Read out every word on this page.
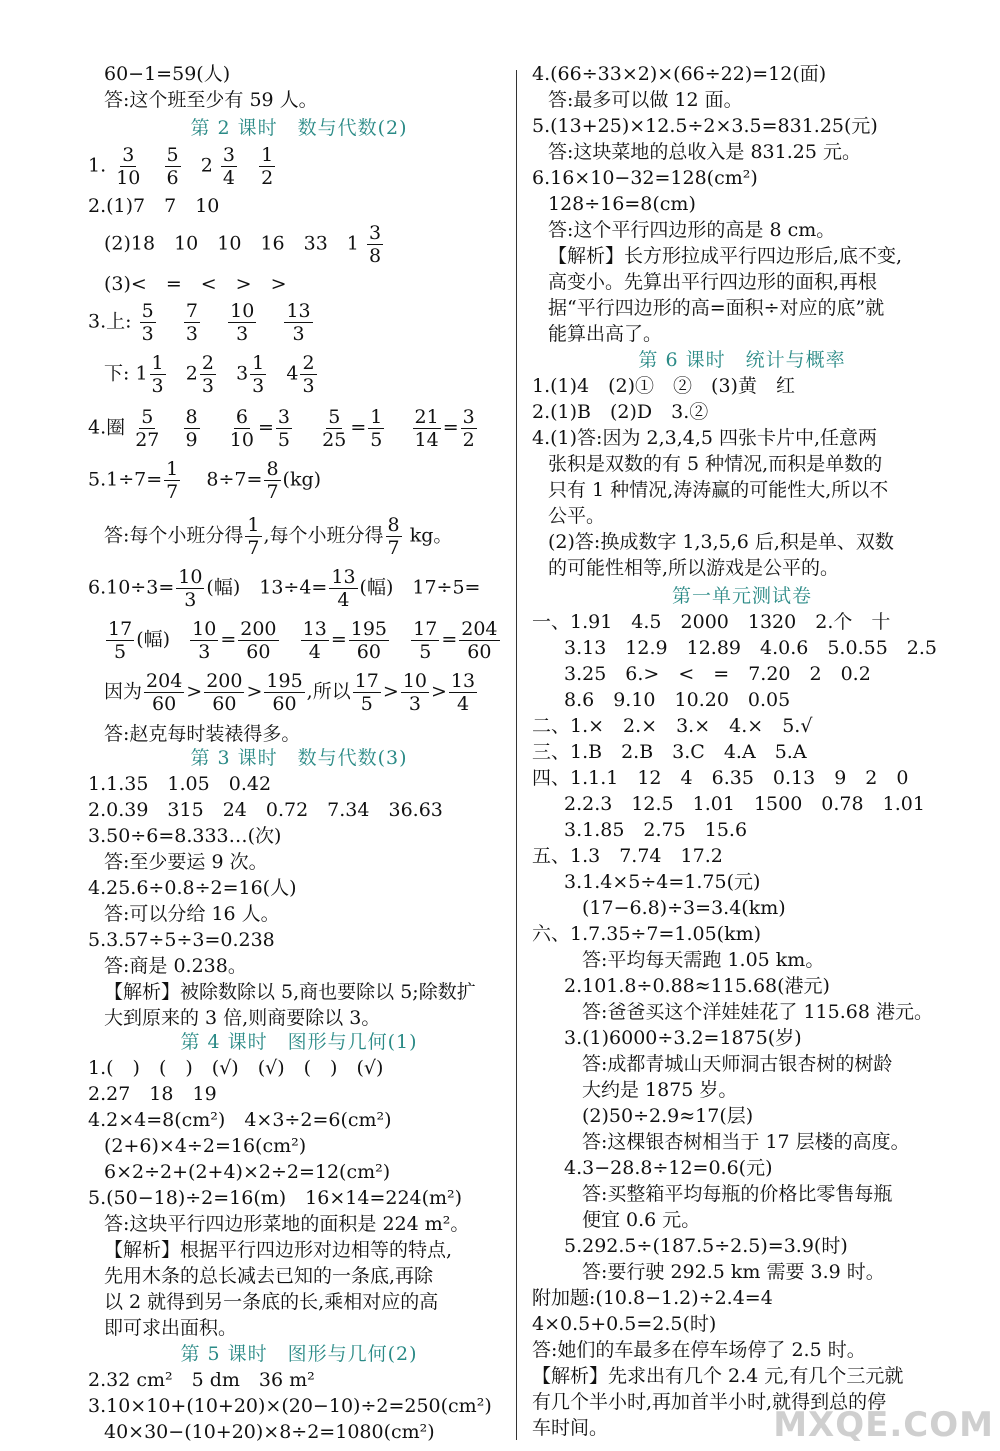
60−1=59(人)
答:这个班至少有 59 人。
第 2 课时　数与代数(2)
1. $\frac{3}{10}$
$\frac{5}{6} 2 \frac{3}{4}$
$\frac{1}{2}$
2.(1)7　7　10
(2)18　10　10　16　33　$1 \frac{3}{8}$
(3)<　=　<　>　>
3.上: $\frac{5}{3}$
$\frac{7}{3}$
$\frac{10}{3}$
$\frac{13}{3}$
下: $1 \frac{1}{3} 2 \frac{2}{3} 3 \frac{1}{3} 4 \frac{2}{3}$
4.圈 $\frac{5}{27}$
$\frac{8}{9}$
$\frac{6}{10} = \frac{3}{5}$
$\frac{5}{25} = \frac{1}{5}$
$\frac{21}{14} = \frac{3}{2}$
$5.1\div 7= \frac{1}{7} 8\div 7= \frac{8}{7} (kg)$
答:每个小班分得 $\frac{1}{7}$ ,每个小班分得 $\frac{8}{7}$ kg。
$6.10\div 3= \frac{10}{3}$ (幅)　$13\div 4= \frac{13}{4}$ (幅)　17÷5=
$\frac{17}{5}$ (幅) $\frac{10}{3} = \frac{200}{60}$
$\frac{13}{4} = \frac{195}{60}$
$\frac{17}{5} = \frac{204}{60}$
因为 $\frac{204}{60} > \frac{200}{60} > \frac{195}{60}$ ,所以 $\frac{17}{5} > \frac{10}{3} > \frac{13}{4}$
答:赵克每时装裱得多。
第 3 课时　数与代数(3)
1.1.35　1.05　0.42
2.0.39　315　24　0.72　7.34　36.63
3.50÷6=8.333…(次)
答:至少要运 9 次。
4.25.6÷0.8÷2=16(人)
答:可以分给 16 人。
5.3.57÷5÷3=0.238
答:商是 0.238。
【解析】被除数除以 5,商也要除以 5;除数扩
大到原来的 3 倍,则商要除以 3。
第 4 课时　图形与几何(1)
1.(　)　(　)　(√)　(√)　(　)　(√)
2.27　18　19
4.2×4=8(cm²)　4×3÷2=6(cm²)
(2+6)×4÷2=16(cm²)
6×2÷2+(2+4)×2÷2=12(cm²)
5.(50−18)÷2=16(m)　16×14=224(m²)
答:这块平行四边形菜地的面积是 224 m²。
【解析】根据平行四边形对边相等的特点,
先用木条的总长减去已知的一条底,再除
以 2 就得到另一条底的长,乘相对应的高
即可求出面积。
第 5 课时　图形与几何(2)
2.32 cm²　5 dm　36 m²
3.10×10+(10+20)×(20−10)÷2=250(cm²)
40×30−(10+20)×8÷2=1080(cm²)
4.(66÷33×2)×(66÷22)=12(面)
答:最多可以做 12 面。
5.(13+25)×12.5÷2×3.5=831.25(元)
答:这块菜地的总收入是 831.25 元。
6.16×10−32=128(cm²)
128÷16=8(cm)
答:这个平行四边形的高是 8 cm。
【解析】长方形拉成平行四边形后,底不变,
高变小。先算出平行四边形的面积,再根
据“平行四边形的高=面积÷对应的底”就
能算出高了。
第 6 课时　统计与概率
1.(1)4　(2)①　②　(3)黄　红
2.(1)B　(2)D　3.②
4.(1)答:因为 2,3,4,5 四张卡片中,任意两
张积是双数的有 5 种情况,而积是单数的
只有 1 种情况,涛涛赢的可能性大,所以不
公平。
(2)答:换成数字 1,3,5,6 后,积是单、双数
的可能性相等,所以游戏是公平的。
第一单元测试卷
一、1.91　4.5　2000　1320　2.个　十
3.13　12.9　12.89　4.0.6　5.0.55　2.5
3.25　6.>　<　=　7.20　2　0.2
8.6　9.10　10.20　0.05
二、1.×　2.×　3.×　4.×　5.√
三、1.B　2.B　3.C　4.A　5.A
四、1.1.1　12　4　6.35　0.13　9　2　0
2.2.3　12.5　1.01　1500　0.78　1.01
3.1.85　2.75　15.6
五、1.3　7.74　17.2
3.1.4×5÷4=1.75(元)
(17−6.8)÷3=3.4(km)
六、1.7.35÷7=1.05(km)
答:平均每天需跑 1.05 km。
2.101.8÷0.88≈115.68(港元)
答:爸爸买这个洋娃娃花了 115.68 港元。
3.(1)6000÷3.2=1875(岁)
答:成都青城山天师洞古银杏树的树龄
大约是 1875 岁。
(2)50÷2.9≈17(层)
答:这棵银杏树相当于 17 层楼的高度。
4.3−28.8÷12=0.6(元)
答:买整箱平均每瓶的价格比零售每瓶
便宜 0.6 元。
5.292.5÷(187.5÷2.5)=3.9(时)
答:要行驶 292.5 km 需要 3.9 时。
附加题:(10.8−1.2)÷2.4=4
4×0.5+0.5=2.5(时)
答:她们的车最多在停车场停了 2.5 时。
【解析】先求出有几个 2.4 元,有几个三元就
有几个半小时,再加首半小时,就得到总的停
车时间。	MXQE.COM
